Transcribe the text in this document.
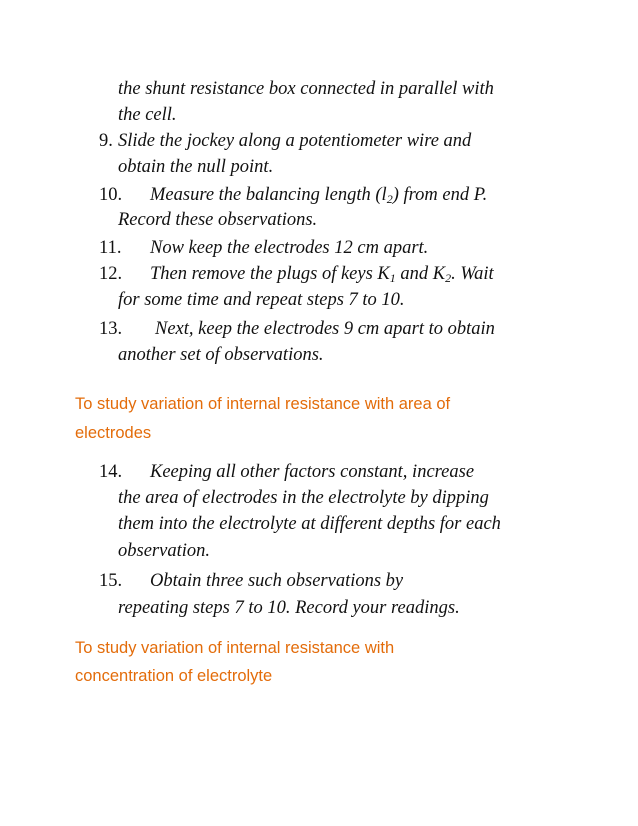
the shunt resistance box connected in parallel with
the cell.
9. Slide the jockey along a potentiometer wire and
obtain the null point.
10. Measure the balancing length $(l_2)$ from end P.
Record these observations.
11. Now keep the electrodes 12 cm apart.
12. Then remove the plugs of keys $K_1$ and $K_2$. Wait
for some time and repeat steps 7 to 10.
13. Next, keep the electrodes 9 cm apart to obtain
another set of observations.
To study variation of internal resistance with area of
electrodes
14. Keeping all other factors constant, increase
the area of electrodes in the electrolyte by dipping
them into the electrolyte at different depths for each
observation.
15. Obtain three such observations by
repeating steps 7 to 10. Record your readings.
To study variation of internal resistance with
concentration of electrolyte
